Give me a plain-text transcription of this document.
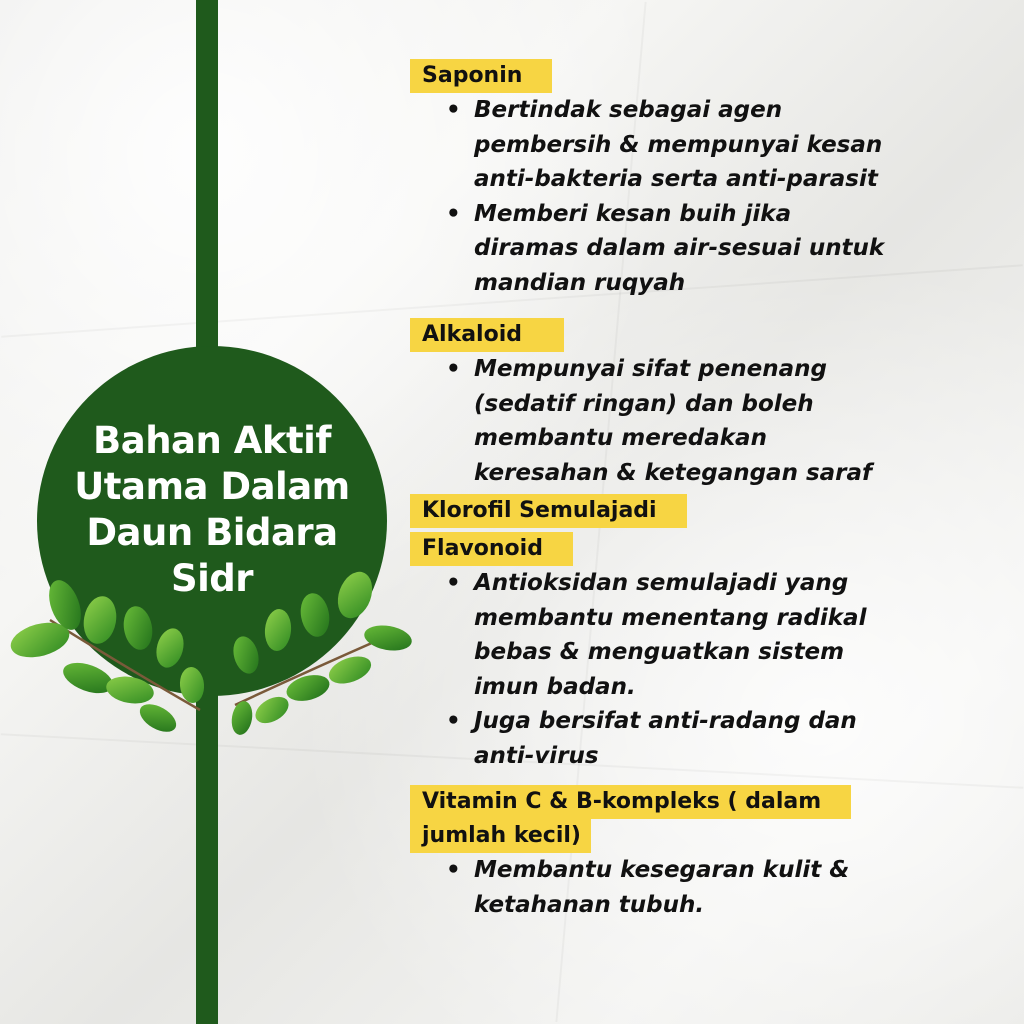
Bahan Aktif
Utama Dalam
Daun Bidara
Sidr
Saponin
• Bertindak sebagai agen
pembersih & mempunyai kesan
anti-bakteria serta anti-parasit
• Memberi kesan buih jika
diramas dalam air-sesuai untuk
mandian ruqyah
Alkaloid
• Mempunyai sifat penenang
(sedatif ringan) dan boleh
membantu meredakan
keresahan & ketegangan saraf
Klorofil Semulajadi
Flavonoid
• Antioksidan semulajadi yang
membantu menentang radikal
bebas & menguatkan sistem
imun badan.
• Juga bersifat anti-radang dan
anti-virus
Vitamin C & B-kompleks ( dalam
jumlah kecil)
• Membantu kesegaran kulit &
ketahanan tubuh.
